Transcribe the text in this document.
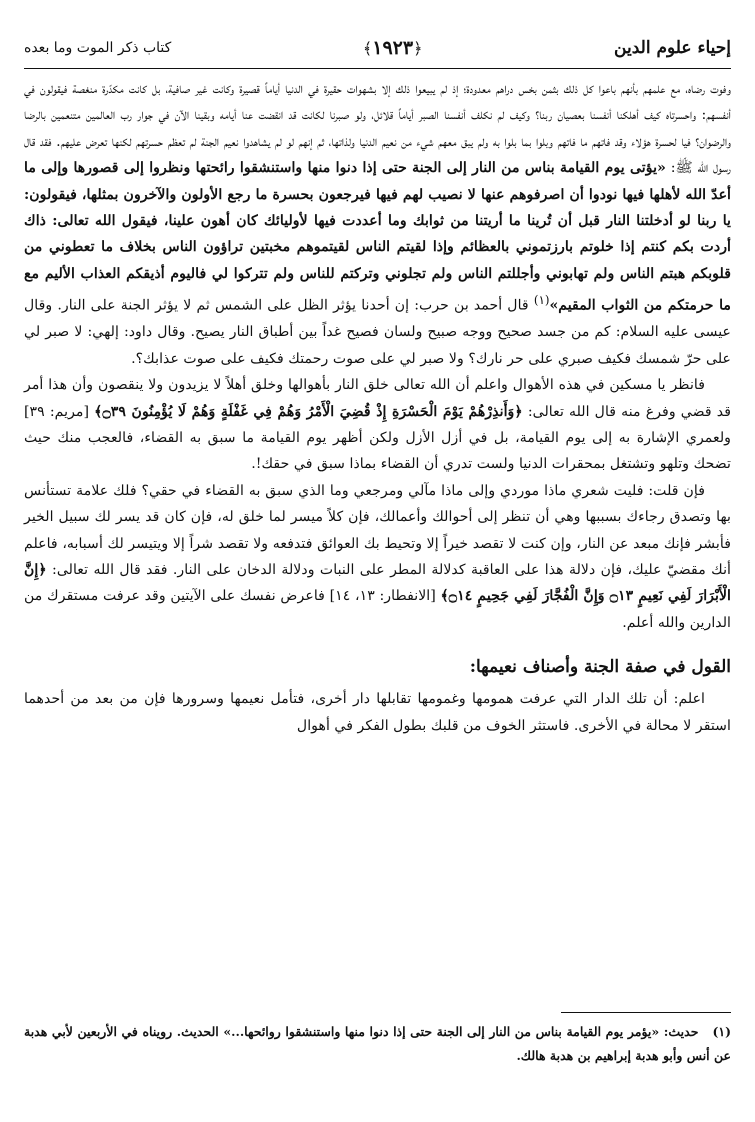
إحياء علوم الدين
﴿١٩٢٣﴾
كتاب ذكر الموت وما بعده

وفوت رضاه، مع علمهم بأنهم باعوا كل ذلك بثمن بخس دراهم معدودة؛ إذ لم يبيعوا ذلك إلا بشهوات حقيرة في الدنيا أياماً قصيرة وكانت غير صافية، بل كانت مكدّرة منغصة فيقولون في أنفسهم: واحسرتاه كيف أهلكنا أنفسنا بعصيان ربنا؟ وكيف لم نكلف أنفسنا الصبر أياماً قلائل، ولو صبرنا لكانت قد انقضت عنا أيامه وبقينا الآن في جوار رب العالمين متنعمين بالرضا والرضوان؟ فيا لحسرة هؤلاء وقد فاتهم ما فاتهم وبلوا بما بلوا به ولم يبق معهم شيء من نعيم الدنيا ولذاتها، ثم إنهم لو لم يشاهدوا نعيم الجنة لم تعظم حسرتهم لكنها تعرض عليهم. فقد قال رسول الله ﷺ: «يؤتى يوم القيامة بناس من النار إلى الجنة حتى إذا دنوا منها واستنشقوا رائحتها ونظروا إلى قصورها وإلى ما أعدّ الله لأهلها فيها نودوا أن اصرفوهم عنها لا نصيب لهم فيها فيرجعون بحسرة ما رجع الأولون والآخرون بمثلها، فيقولون: يا ربنا لو أدخلتنا النار قبل أن تُرينا ما أريتنا من ثوابك وما أعددت فيها لأوليائك كان أهون علينا، فيقول الله تعالى: ذاك أردت بكم كنتم إذا خلوتم بارزتموني بالعظائم وإذا لقيتم الناس لقيتموهم مخبتين تراؤون الناس بخلاف ما تعطوني من قلوبكم هبتم الناس ولم تهابوني وأجللتم الناس ولم تجلوني وتركتم للناس ولم تتركوا لي فاليوم أذيقكم العذاب الأليم مع ما حرمتكم من الثواب المقيم»$^{(١)}$ قال أحمد بن حرب: إن أحدنا يؤثر الظل على الشمس ثم لا يؤثر الجنة على النار. وقال عيسى عليه السلام: كم من جسد صحيح ووجه صبيح ولسان فصيح غداً بين أطباق النار يصيح. وقال داود: إلهي: لا صبر لي على حرّ شمسك فكيف صبري على حر نارك؟ ولا صبر لي على صوت رحمتك فكيف على صوت عذابك؟.

فانظر يا مسكين في هذه الأهوال واعلم أن الله تعالى خلق النار بأهوالها وخلق أهلاً لا يزيدون ولا ينقصون وأن هذا أمر قد قضي وفرغ منه قال الله تعالى: ﴿وَأَنذِرْهُمْ يَوْمَ الْحَسْرَةِ إِذْ قُضِيَ الْأَمْرُ وَهُمْ فِي غَفْلَةٍ وَهُمْ لَا يُؤْمِنُونَ ۝٣٩﴾ [مريم: ٣٩] ولعمري الإشارة به إلى يوم القيامة، بل في أزل الأزل ولكن أظهر يوم القيامة ما سبق به القضاء، فالعجب منك حيث تضحك وتلهو وتشتغل بمحقرات الدنيا ولست تدري أن القضاء بماذا سبق في حقك!.

فإن قلت: فليت شعري ماذا موردي وإلى ماذا مآلي ومرجعي وما الذي سبق به القضاء في حقي؟ فلك علامة تستأنس بها وتصدق رجاءك بسببها وهي أن تنظر إلى أحوالك وأعمالك، فإن كلاً ميسر لما خلق له، فإن كان قد يسر لك سبيل الخير فأبشر فإنك مبعد عن النار، وإن كنت لا تقصد خيراً إلا وتحيط بك العوائق فتدفعه ولا تقصد شراً إلا ويتيسر لك أسبابه، فاعلم أنك مقضيّ عليك، فإن دلالة هذا على العاقبة كدلالة المطر على النبات ودلالة الدخان على النار. فقد قال الله تعالى: ﴿إِنَّ الْأَبْرَارَ لَفِي نَعِيمٍ ۝١٣ وَإِنَّ الْفُجَّارَ لَفِي جَحِيمٍ ۝١٤﴾ [الانفطار: ١٣، ١٤] فاعرض نفسك على الآيتين وقد عرفت مستقرك من الدارين والله أعلم.

القول في صفة الجنة وأصناف نعيمها:

اعلم: أن تلك الدار التي عرفت همومها وغمومها تقابلها دار أخرى، فتأمل نعيمها وسرورها فإن من بعد من أحدهما استقر لا محالة في الأخرى. فاستثر الخوف من قلبك بطول الفكر في أهوال

(١)حديث: «يؤمر يوم القيامة بناس من النار إلى الجنة حتى إذا دنوا منها واستنشقوا روائحها...» الحديث. رويناه في الأربعين لأبي هدبة عن أنس وأبو هدبة إبراهيم بن هدبة هالك.
